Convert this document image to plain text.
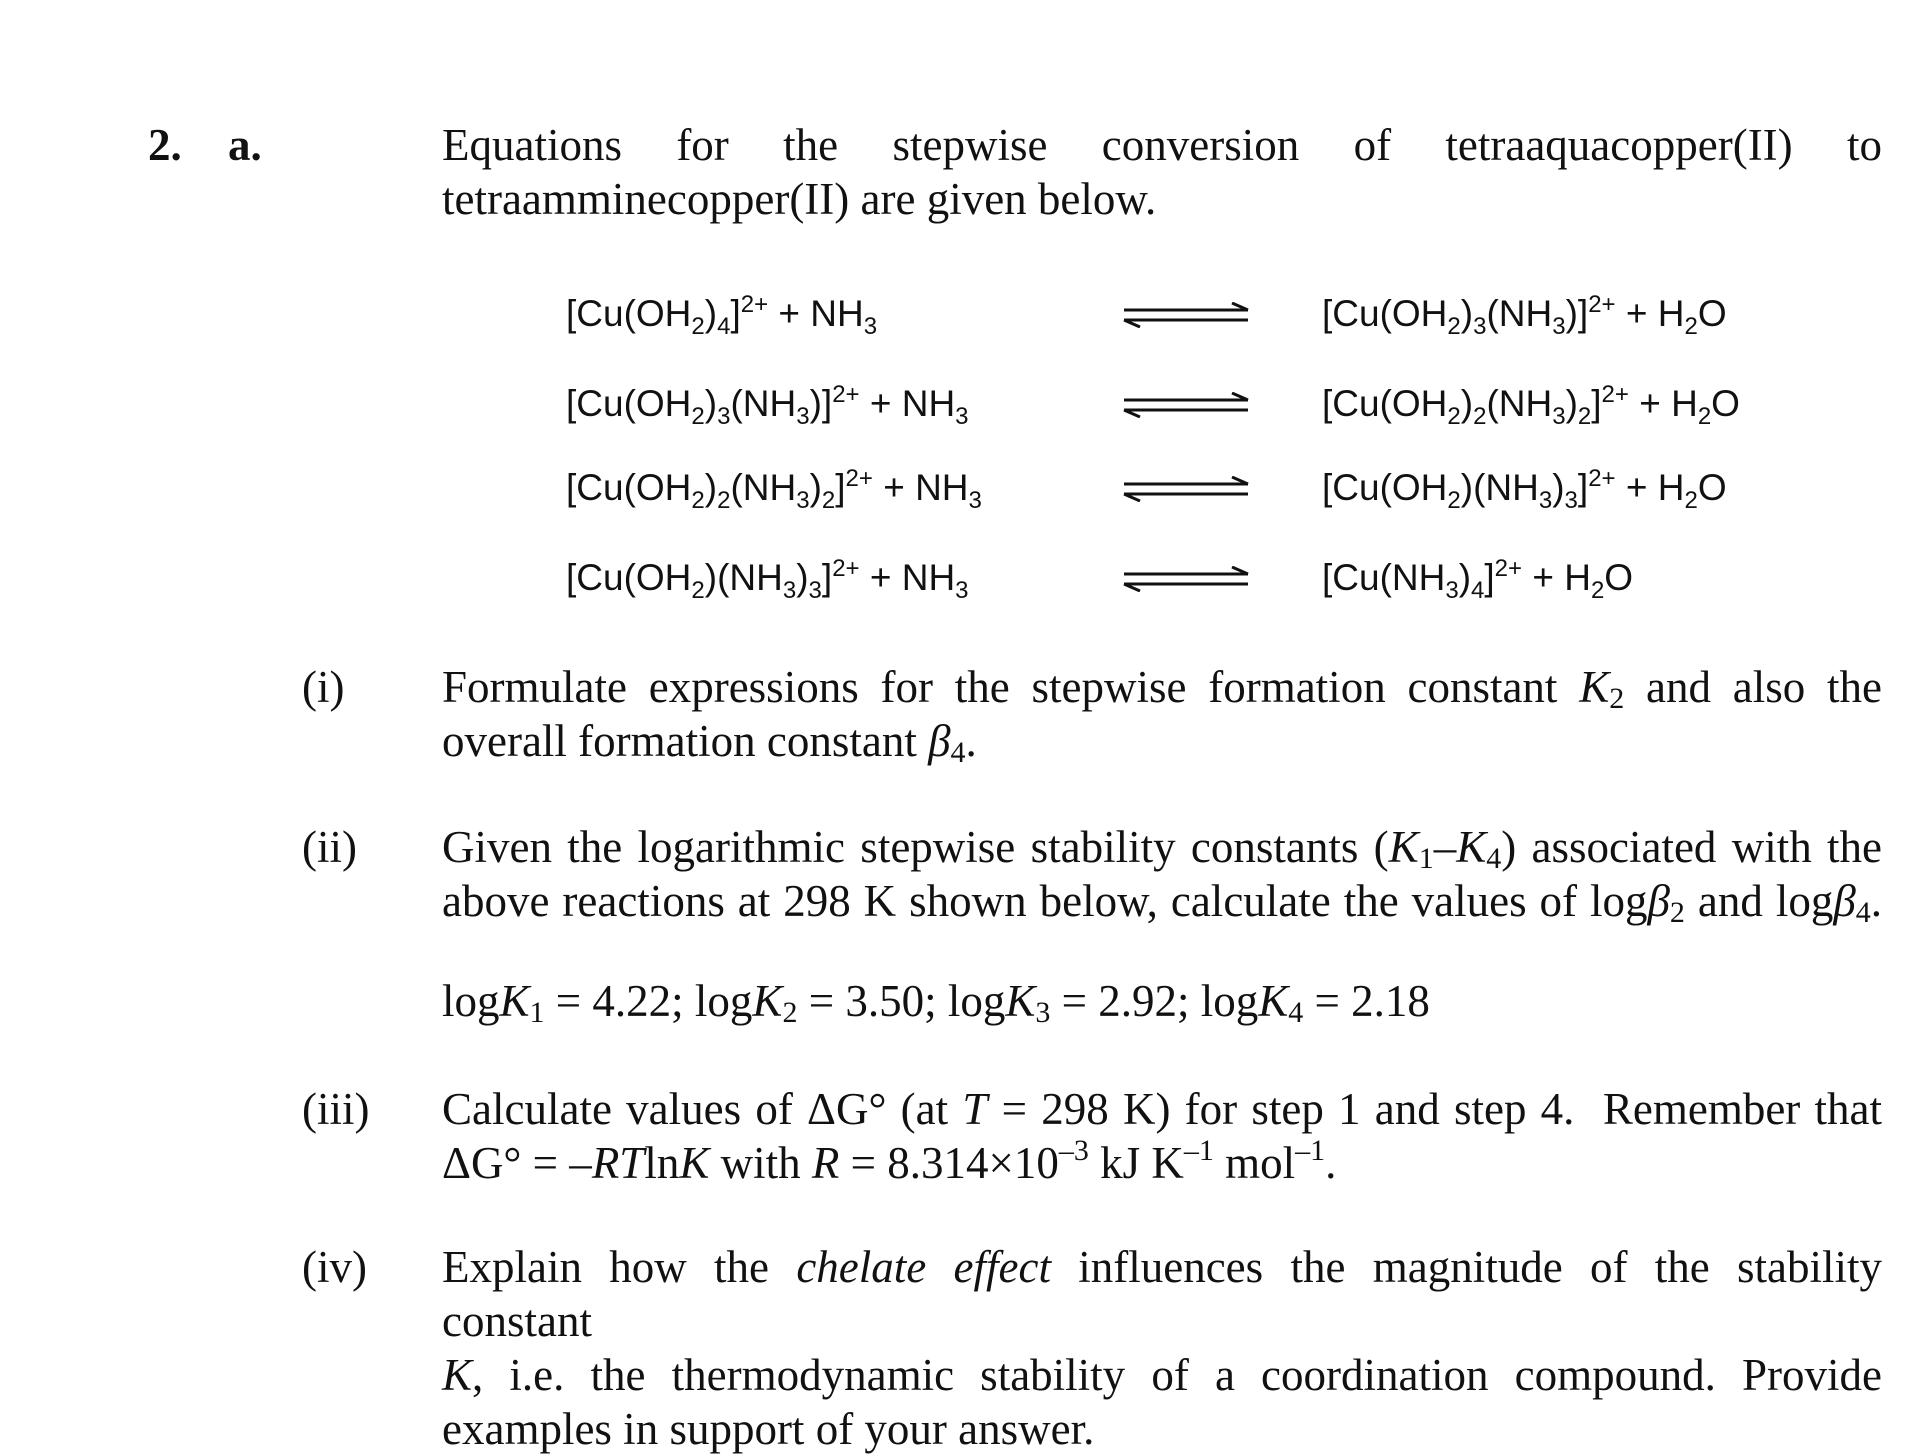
2. a.	Equations for the stepwise conversion of tetraaquacopper(II) to
tetraamminecopper(II) are given below.
$[Cu(OH_2)_4]^{2+} + NH_3$	$[Cu(OH_2)_3(NH_3)]^{2+} + H_2O$
$[Cu(OH_2)_3(NH_3)]^{2+} + NH_3$	$[Cu(OH_2)_2(NH_3)_2]^{2+} + H_2O$
$[Cu(OH_2)_2(NH_3)_2]^{2+} + NH_3$	$[Cu(OH_2)(NH_3)_3]^{2+} + H_2O$
$[Cu(OH_2)(NH_3)_3]^{2+} + NH_3$	$[Cu(NH_3)_4]^{2+} + H_2O$
(i) Formulate expressions for the stepwise formation constant $K_2$ and also the
overall formation constant $\beta_4$.
(ii) Given the logarithmic stepwise stability constants $(K_1-K_4)$ associated with the
above reactions at 298 K shown below, calculate the values of logβ$_2$ and logβ$_4$.
logK$_1$ = 4.22; logK$_2$ = 3.50; logK$_3$ = 2.92; logK$_4$ = 2.18
(iii) Calculate values of ΔG° (at T = 298 K) for step 1 and step 4.  Remember that
ΔG° = –RTlnK with $R = 8.314\times 10^{-3}$ kJ $K^{-1}$ mol$^{-1}$.
(iv) Explain how the chelate effect influences the magnitude of the stability constant
K, i.e. the thermodynamic stability of a coordination compound. Provide
examples in support of your answer.
